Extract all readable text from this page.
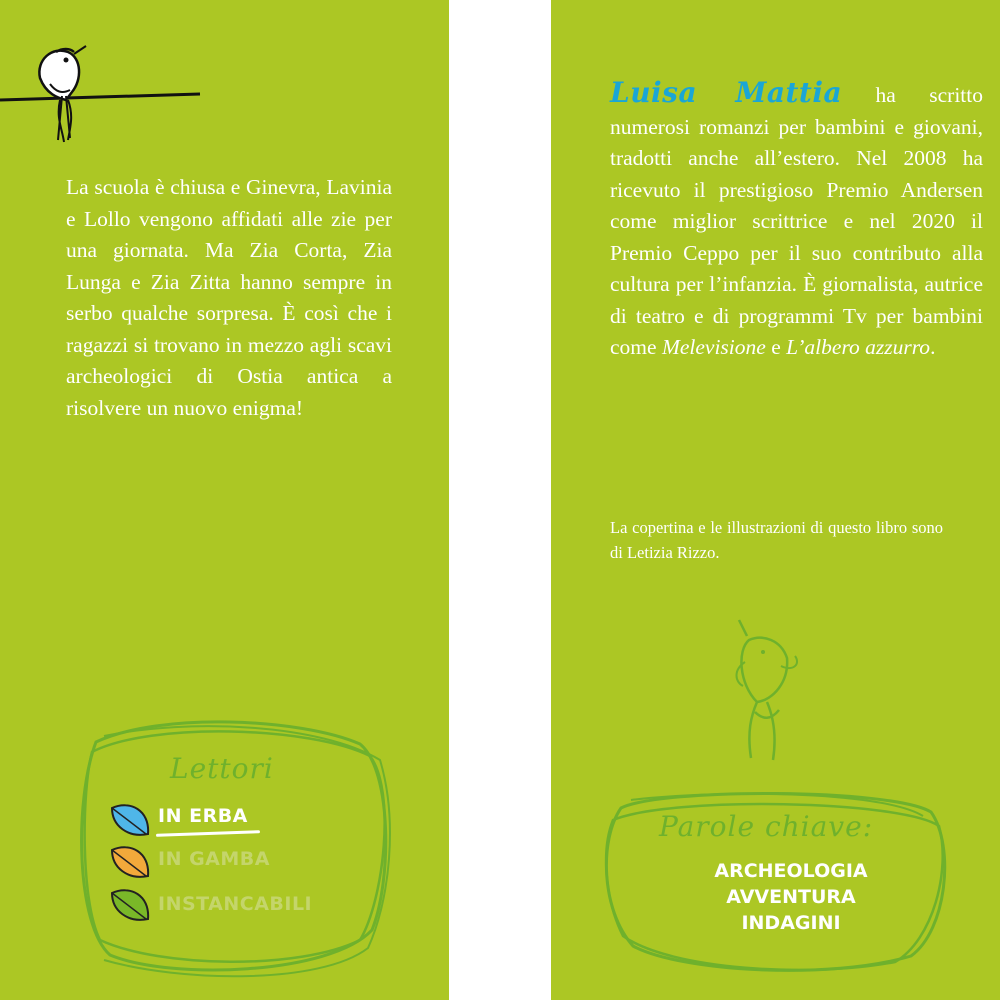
La scuola è chiusa e Ginevra, Lavinia e Lollo vengono affidati alle zie per una giornata. Ma Zia Corta, Zia Lunga e Zia Zitta hanno sempre in serbo qualche sorpresa. È così che i ragazzi si trovano in mezzo agli scavi archeologici di Ostia antica a risolvere un nuovo enigma!
Lettori
IN ERBA
IN GAMBA
INSTANCABILI
Luisa Mattia ha scritto numerosi romanzi per bambini e giovani, tradotti anche all’estero. Nel 2008 ha ricevuto il prestigioso Premio Andersen come miglior scrittrice e nel 2020 il Premio Ceppo per il suo contributo alla cultura per l’infanzia. È giornalista, autrice di teatro e di programmi Tv per bambini come Melevisione e L’albero azzurro.
La copertina e le illustrazioni di questo libro sono di Letizia Rizzo.
Parole chiave:
ARCHEOLOGIA
AVVENTURA
INDAGINI
